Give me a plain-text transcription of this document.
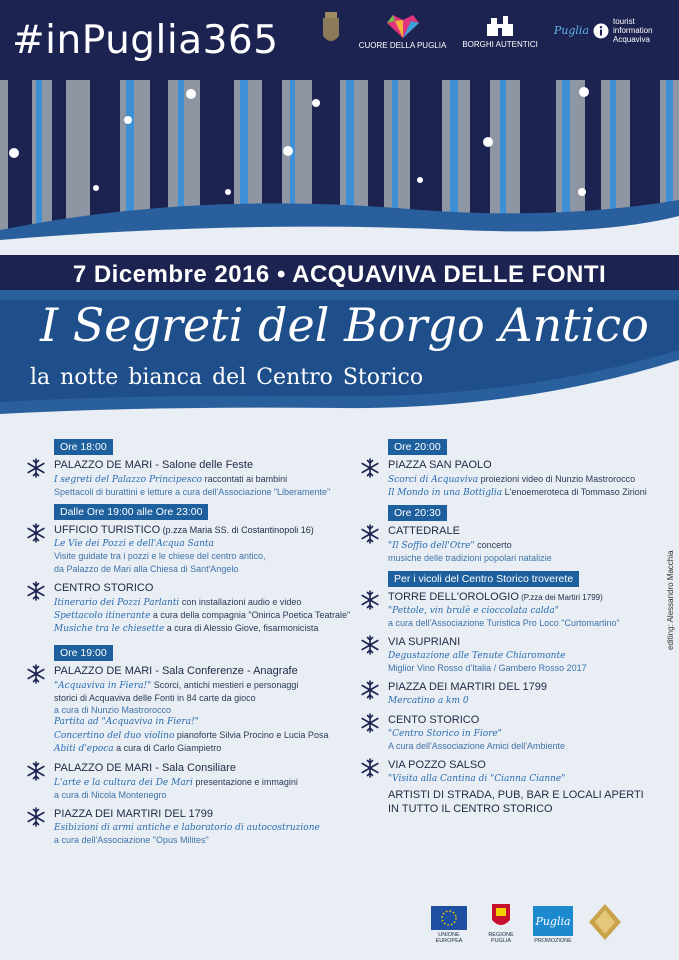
#inPuglia365	CUORE DELLA PUGLIA BORGHI AUTENTICI
Puglia
tourist information Acquaviva
7 Dicembre 2016 • ACQUAVIVA DELLE FONTI
I Segreti del Borgo Antico
la notte bianca del Centro Storico
Ore 18:00
PALAZZO DE MARI - Salone delle Feste
I segreti del Palazzo Principesco raccontati ai bambini
Spettacoli di burattini e letture a cura dell'Associazione "Liberamente"
Dalle Ore 19:00 alle Ore 23:00
UFFICIO TURISTICO (p.zza Maria SS. di Costantinopoli 16)
Le Vie dei Pozzi e dell'Acqua Santa
Visite guidate tra i pozzi e le chiese del centro antico,
da Palazzo de Mari alla Chiesa di Sant'Angelo
CENTRO STORICO
Itinerario dei Pozzi Parlanti con installazioni audio e video
Spettacolo itinerante a cura della compagnia "Onirica Poetica Teatrale"
Musiche tra le chiesette a cura di Alessio Giove, fisarmonicista
Ore 19:00
PALAZZO DE MARI - Sala Conferenze - Anagrafe
"Acquaviva in Fiera!" Scorci, antichi mestieri e personaggi
storici di Acquaviva delle Fonti in 84 carte da gioco
a cura di Nunzio Mastrorocco
Partita ad "Acquaviva in Fiera!"
Concertino del duo violino pianoforte Silvia Procino e Lucia Posa
Abiti d'epoca a cura di Carlo Giampietro
PALAZZO DE MARI - Sala Consiliare
L'arte e la cultura dei De Mari presentazione e immagini
a cura di Nicola Montenegro
PIAZZA DEI MARTIRI DEL 1799
Esibizioni di armi antiche e laboratorio di autocostruzione
a cura dell'Associazione "Opus Milites"
Ore 20:00
PIAZZA SAN PAOLO
Scorci di Acquaviva proiezioni video di Nunzio Mastrorocco
Il Mondo in una Bottiglia L'enoemeroteca di Tommaso Zirioni
Ore 20:30
CATTEDRALE
"Il Soffio dell'Otre" concerto
musiche delle tradizioni popolari natalizie
Per i vicoli del Centro Storico troverete
TORRE DELL'OROLOGIO (P.zza dei Martiri 1799)
"Pettole, vin brulè e cioccolata calda"
a cura dell'Associazione Turistica Pro Loco "Curtomartino"
VIA SUPRIANI
Degustazione alle Tenute Chiaromonte
Miglior Vino Rosso d'Italia / Gambero Rosso 2017
PIAZZA DEI MARTIRI DEL 1799
Mercatino a km 0
CENTO STORICO
"Centro Storico in Fiore"
A cura dell'Associazione Amici dell'Ambiente
VIA POZZO SALSO
"Visita alla Cantina di "Cianna Cianne"
ARTISTI DI STRADA, PUB, BAR E LOCALI APERTI IN TUTTO IL CENTRO STORICO
editing: Alessandro Macchia
UNIONE EUROPEA
REGIONE PUGLIA
Puglia
PROMOZIONE
